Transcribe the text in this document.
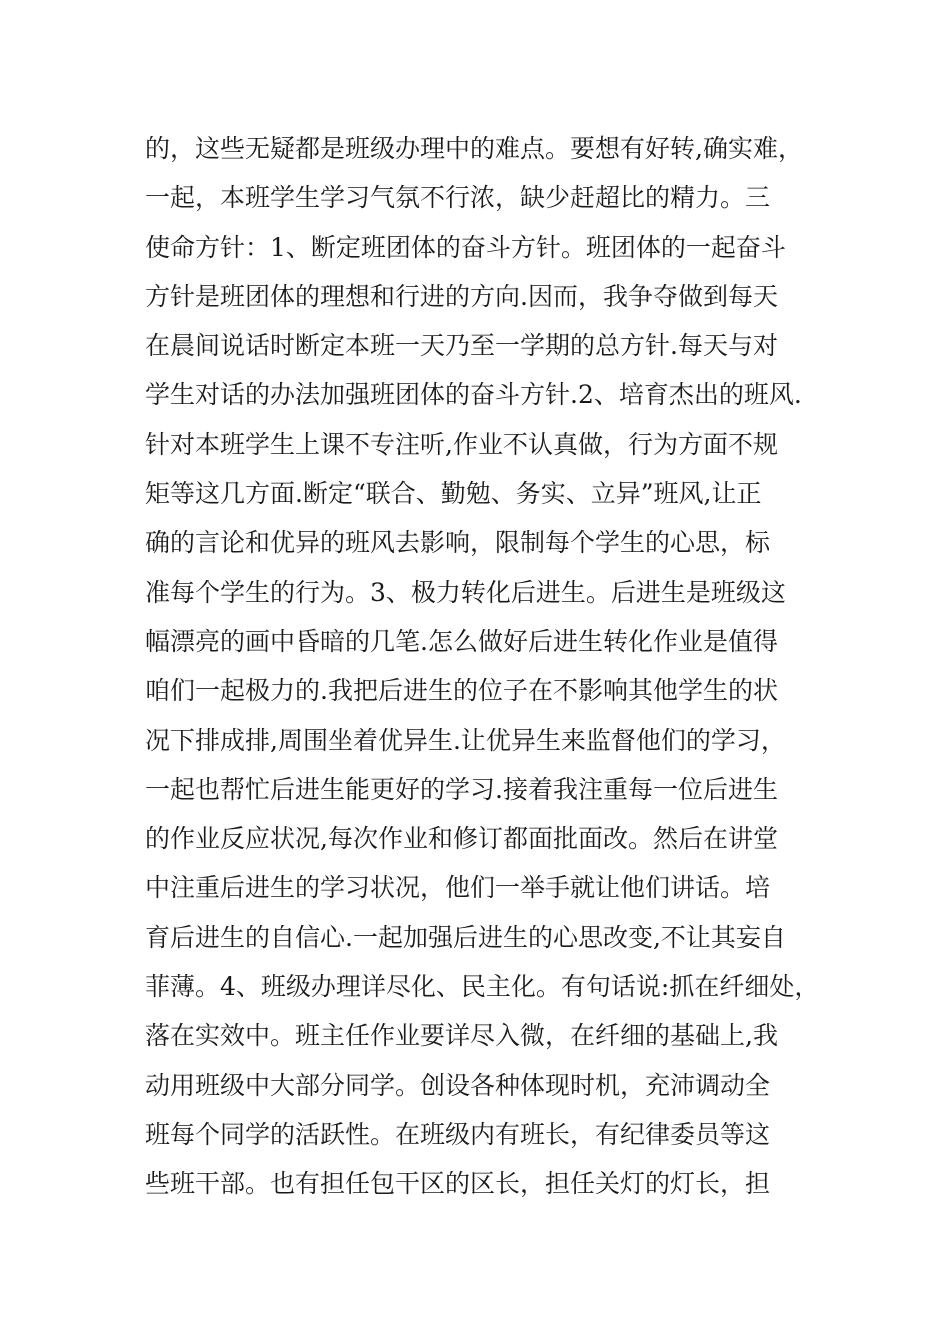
的，这些无疑都是班级办理中的难点。要想有好转,确实难，
一起，本班学生学习气氛不行浓，缺少赶超比的精力。三
使命方针：1、断定班团体的奋斗方针。班团体的一起奋斗
方针是班团体的理想和行进的方向.因而，我争夺做到每天
在晨间说话时断定本班一天乃至一学期的总方针.每天与对
学生对话的办法加强班团体的奋斗方针.2、培育杰出的班风.
针对本班学生上课不专注听,作业不认真做，行为方面不规
矩等这几方面.断定“联合、勤勉、务实、立异”班风,让正
确的言论和优异的班风去影响，限制每个学生的心思，标
准每个学生的行为。3、极力转化后进生。后进生是班级这
幅漂亮的画中昏暗的几笔.怎么做好后进生转化作业是值得
咱们一起极力的.我把后进生的位子在不影响其他学生的状
况下排成排,周围坐着优异生.让优异生来监督他们的学习，
一起也帮忙后进生能更好的学习.接着我注重每一位后进生
的作业反应状况,每次作业和修订都面批面改。然后在讲堂
中注重后进生的学习状况，他们一举手就让他们讲话。培
育后进生的自信心.一起加强后进生的心思改变,不让其妄自
菲薄。4、班级办理详尽化、民主化。有句话说:抓在纤细处，
落在实效中。班主任作业要详尽入微，在纤细的基础上,我
动用班级中大部分同学。创设各种体现时机，充沛调动全
班每个同学的活跃性。在班级内有班长，有纪律委员等这
些班干部。也有担任包干区的区长，担任关灯的灯长，担
